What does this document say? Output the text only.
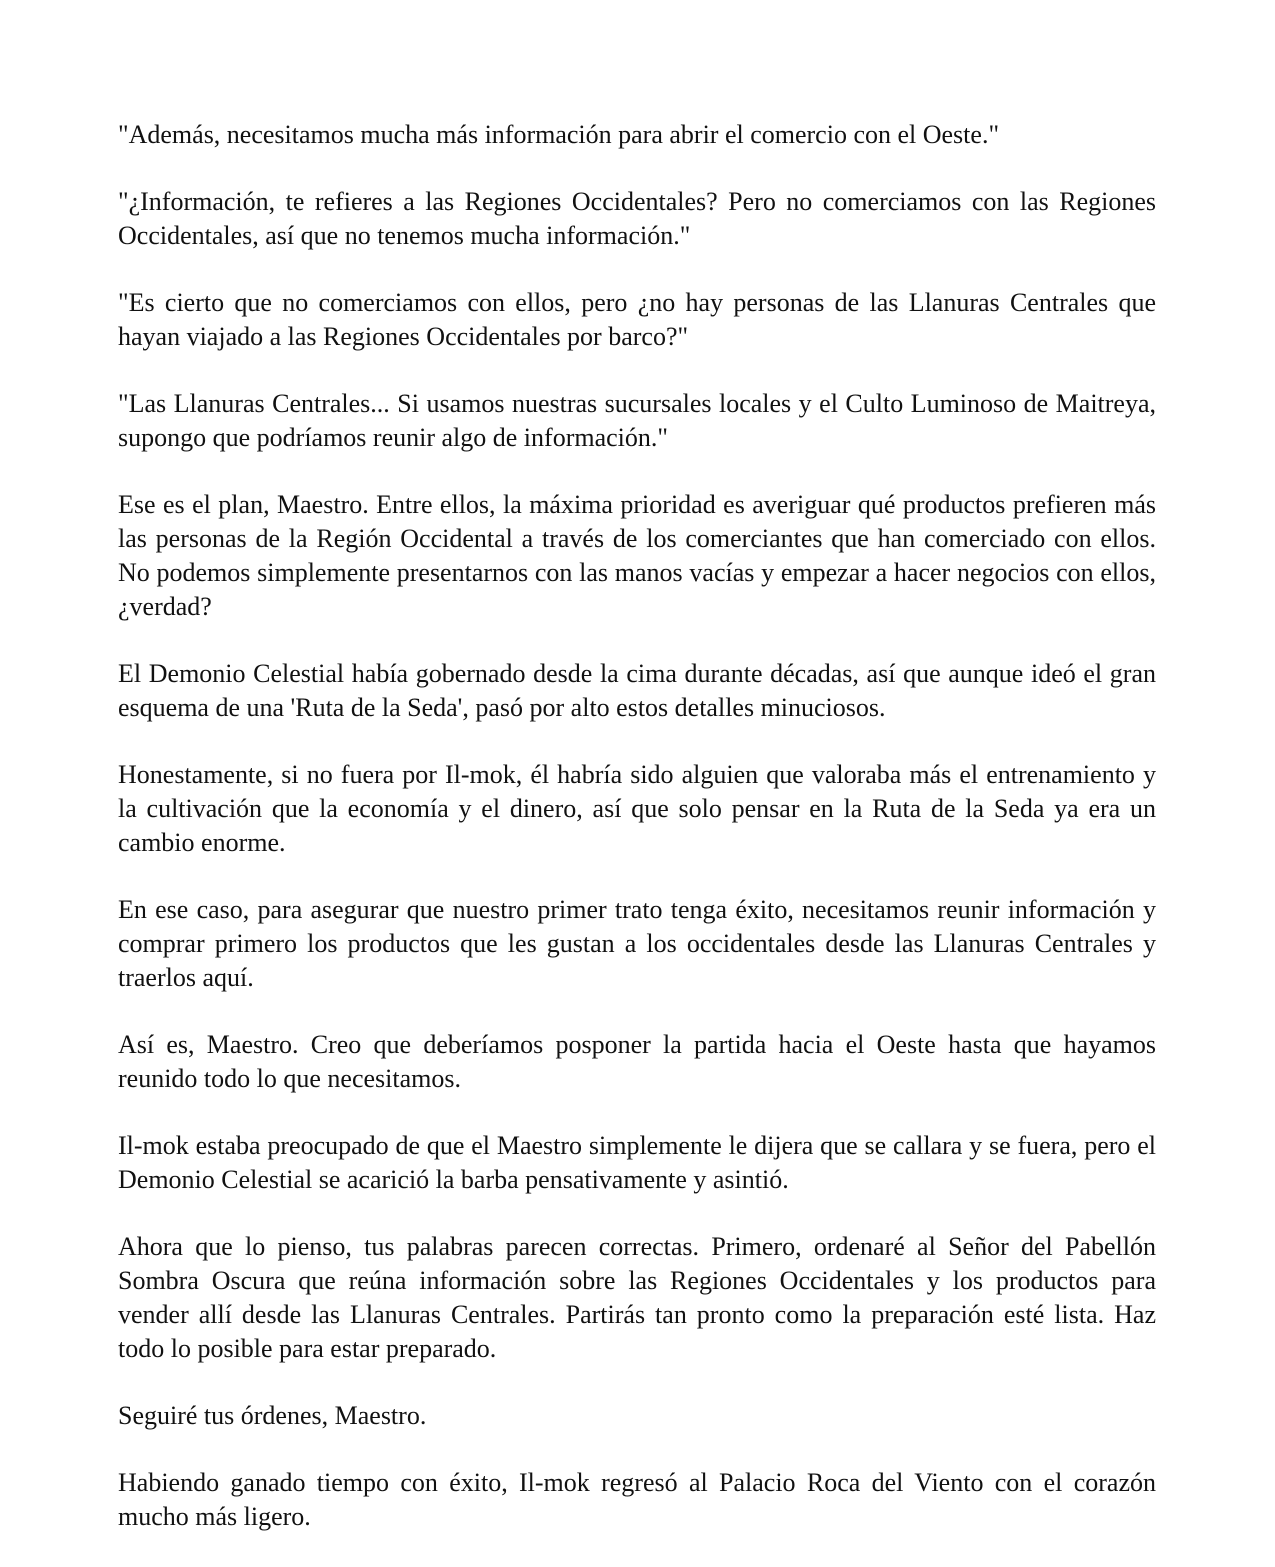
"Además, necesitamos mucha más información para abrir el comercio con el Oeste."

"¿Información, te refieres a las Regiones Occidentales? Pero no comerciamos con las Regiones Occidentales, así que no tenemos mucha información."

"Es cierto que no comerciamos con ellos, pero ¿no hay personas de las Llanuras Centrales que hayan viajado a las Regiones Occidentales por barco?"

"Las Llanuras Centrales... Si usamos nuestras sucursales locales y el Culto Luminoso de Maitreya, supongo que podríamos reunir algo de información."

Ese es el plan, Maestro. Entre ellos, la máxima prioridad es averiguar qué productos prefieren más las personas de la Región Occidental a través de los comerciantes que han comerciado con ellos. No podemos simplemente presentarnos con las manos vacías y empezar a hacer negocios con ellos, ¿verdad?

El Demonio Celestial había gobernado desde la cima durante décadas, así que aunque ideó el gran esquema de una 'Ruta de la Seda', pasó por alto estos detalles minuciosos.

Honestamente, si no fuera por Il-mok, él habría sido alguien que valoraba más el entrenamiento y la cultivación que la economía y el dinero, así que solo pensar en la Ruta de la Seda ya era un cambio enorme.

En ese caso, para asegurar que nuestro primer trato tenga éxito, necesitamos reunir información y comprar primero los productos que les gustan a los occidentales desde las Llanuras Centrales y traerlos aquí.

Así es, Maestro. Creo que deberíamos posponer la partida hacia el Oeste hasta que hayamos reunido todo lo que necesitamos.

Il-mok estaba preocupado de que el Maestro simplemente le dijera que se callara y se fuera, pero el Demonio Celestial se acarició la barba pensativamente y asintió.

Ahora que lo pienso, tus palabras parecen correctas. Primero, ordenaré al Señor del Pabellón Sombra Oscura que reúna información sobre las Regiones Occidentales y los productos para vender allí desde las Llanuras Centrales. Partirás tan pronto como la preparación esté lista. Haz todo lo posible para estar preparado.

Seguiré tus órdenes, Maestro.

Habiendo ganado tiempo con éxito, Il-mok regresó al Palacio Roca del Viento con el corazón mucho más ligero.
